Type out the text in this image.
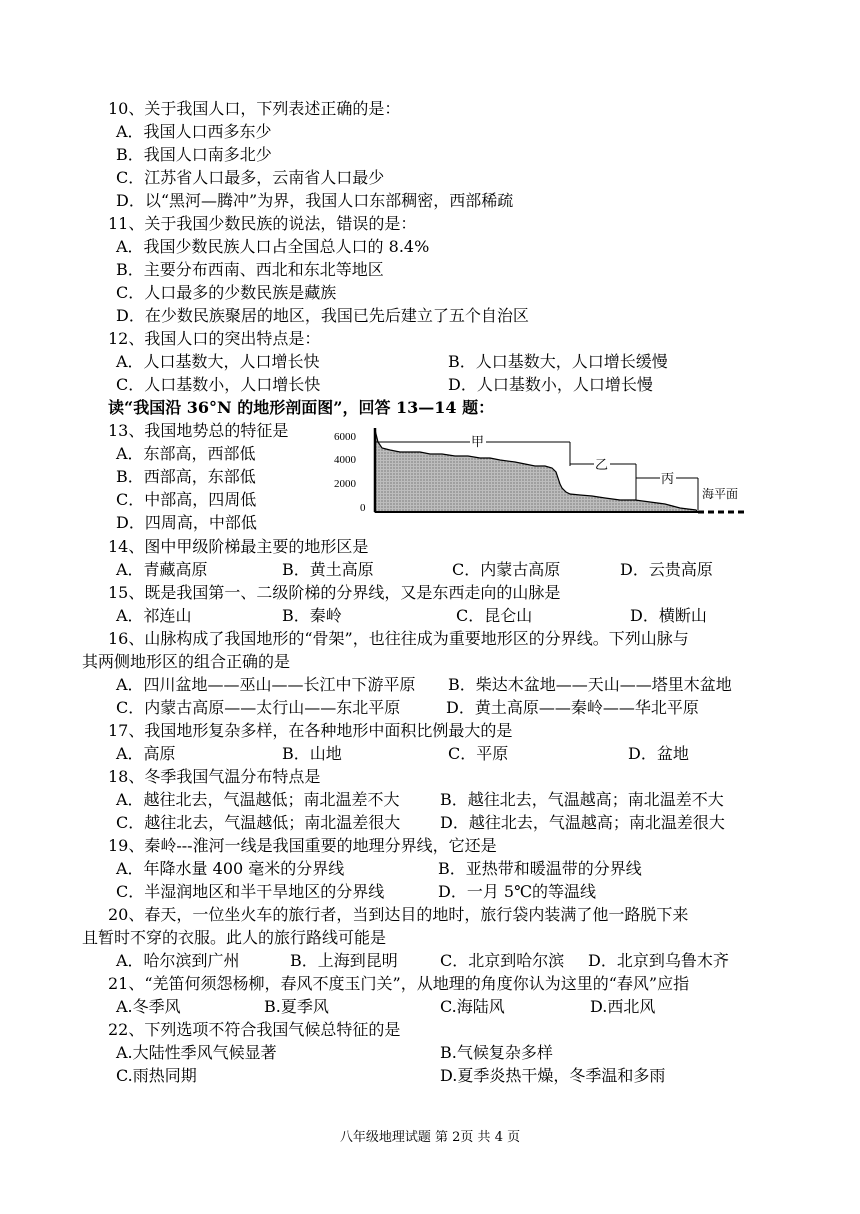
10、关于我国人口，下列表述正确的是：
A．我国人口西多东少
B．我国人口南多北少
C．江苏省人口最多，云南省人口最少
D．以“黑河—腾冲”为界，我国人口东部稠密，西部稀疏
11、关于我国少数民族的说法，错误的是：
A．我国少数民族人口占全国总人口的 8.4%
B．主要分布西南、西北和东北等地区
C．人口最多的少数民族是藏族
D．在少数民族聚居的地区，我国已先后建立了五个自治区
12、我国人口的突出特点是：
A．人口基数大，人口增长快	B．人口基数大，人口增长缓慢
C．人口基数小，人口增长快	D．人口基数小，人口增长慢
读“我国沿 36°N 的地形剖面图”，回答 13—14 题：
13、我国地势总的特征是
A．东部高，西部低
B．西部高，东部低
C．中部高，四周低
D．四周高，中部低
6000
4000
2000
0
甲
乙
丙
海平面
14、图中甲级阶梯最主要的地形区是
A．青藏高原	B．黄土高原	C．内蒙古高原	D．云贵高原
15、既是我国第一、二级阶梯的分界线，又是东西走向的山脉是
A．祁连山	B．秦岭	C．昆仑山	D．横断山
16、山脉构成了我国地形的“骨架”，也往往成为重要地形区的分界线。下列山脉与
其两侧地形区的组合正确的是
A．四川盆地——巫山——长江中下游平原 B．柴达木盆地——天山——塔里木盆地
C．内蒙古高原——太行山——东北平原	D．黄土高原——秦岭——华北平原
17、我国地形复杂多样，在各种地形中面积比例最大的是
A．高原	B．山地	C．平原	D．盆地
18、冬季我国气温分布特点是
A．越往北去，气温越低；南北温差不大	B．越往北去，气温越高；南北温差不大
C．越往北去，气温越低；南北温差很大 D．越往北去，气温越高；南北温差很大
19、秦岭---淮河一线是我国重要的地理分界线，它还是
A．年降水量 400 毫米的分界线	B．亚热带和暖温带的分界线
C．半湿润地区和半干旱地区的分界线	D．一月 5℃的等温线
20、春天，一位坐火车的旅行者，当到达目的地时，旅行袋内装满了他一路脱下来
且暂时不穿的衣服。此人的旅行路线可能是
A．哈尔滨到广州	B．上海到昆明	C．北京到哈尔滨 D．北京到乌鲁木齐
21、“羌笛何须怨杨柳，春风不度玉门关”，从地理的角度你认为这里的“春风”应指
A.冬季风	B.夏季风	C.海陆风	D.西北风
22、下列选项不符合我国气候总特征的是
A.大陆性季风气候显著	B.气候复杂多样
C.雨热同期	D.夏季炎热干燥，冬季温和多雨
八年级地理试题 第 2页 共 4 页
